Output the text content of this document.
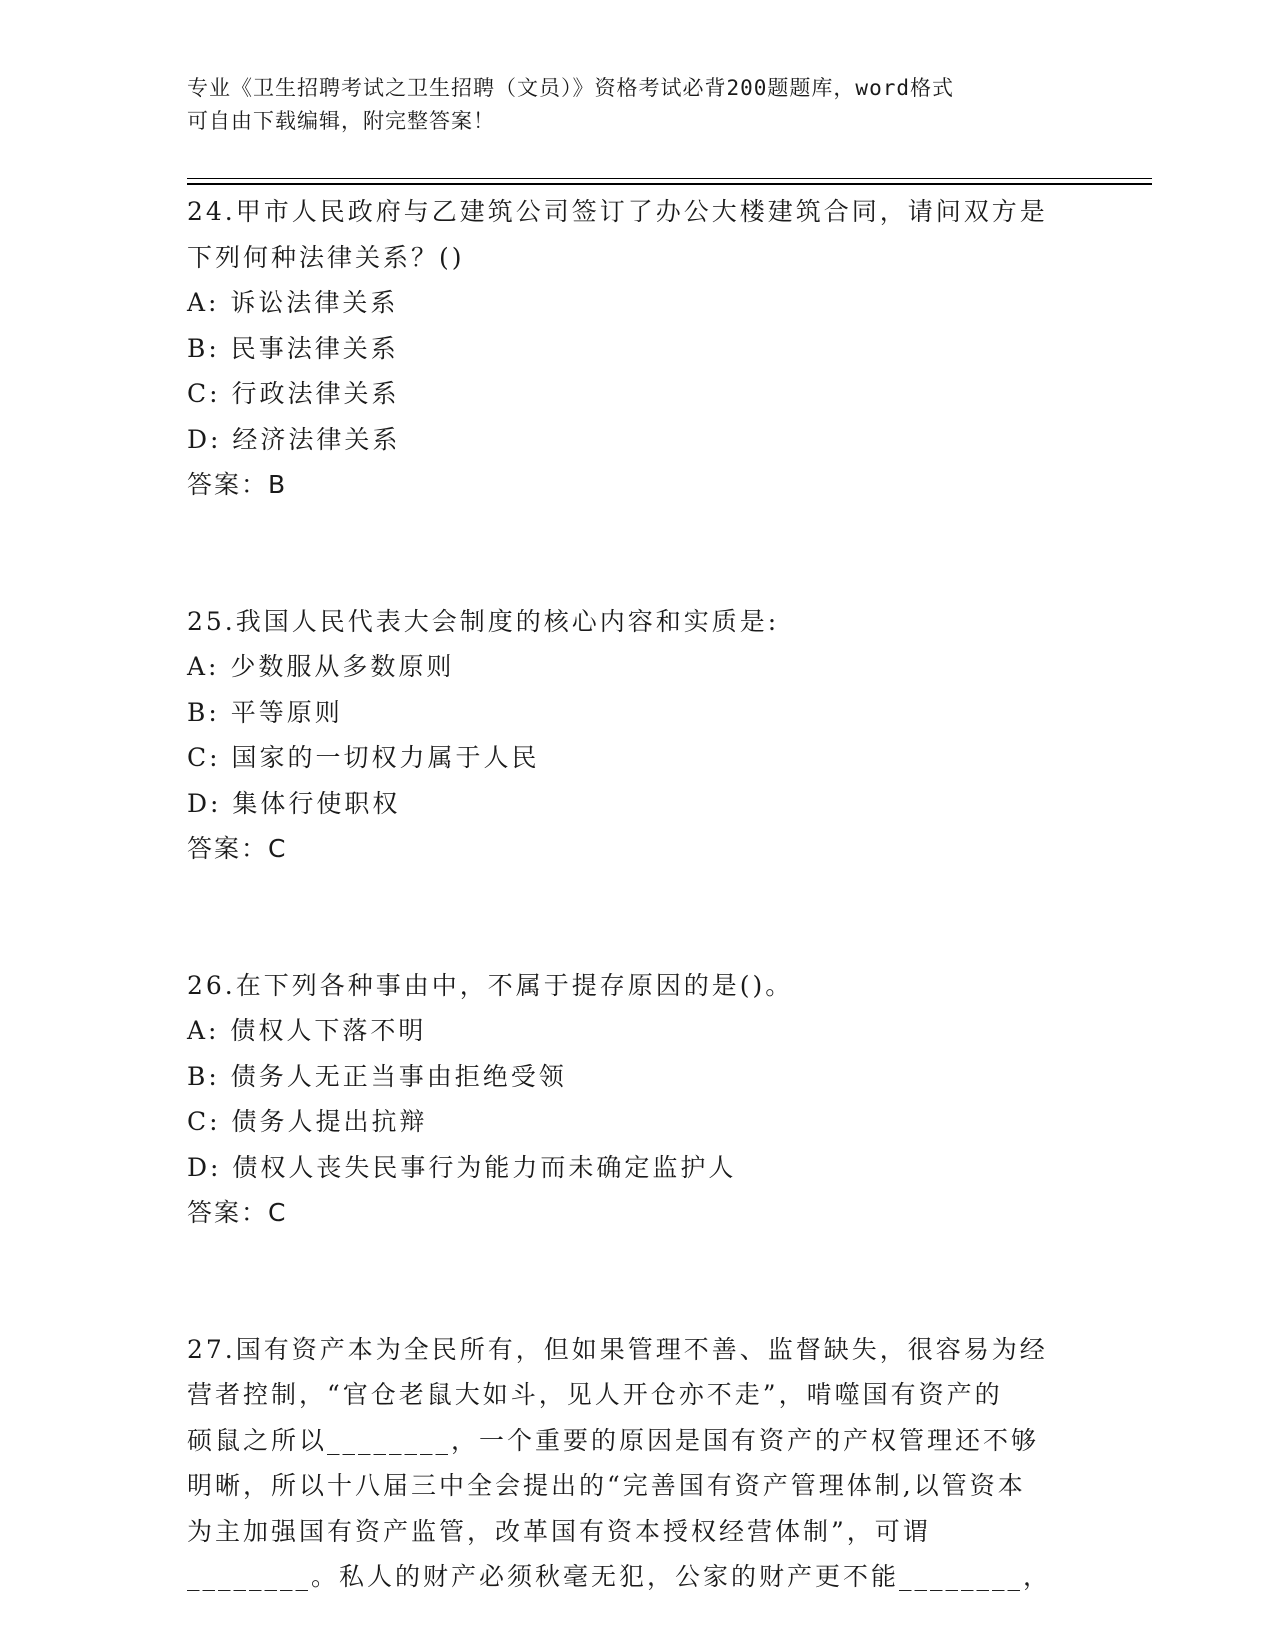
专业《卫生招聘考试之卫生招聘（文员）》资格考试必背200题题库，word格式
可自由下载编辑，附完整答案！
24.甲市人民政府与乙建筑公司签订了办公大楼建筑合同，请问双方是
下列何种法律关系？()
A: 诉讼法律关系
B: 民事法律关系
C: 行政法律关系
D: 经济法律关系
答案：B
25.我国人民代表大会制度的核心内容和实质是:
A: 少数服从多数原则
B: 平等原则
C: 国家的一切权力属于人民
D: 集体行使职权
答案：C
26.在下列各种事由中，不属于提存原因的是()。
A: 债权人下落不明
B: 债务人无正当事由拒绝受领
C: 债务人提出抗辩
D: 债权人丧失民事行为能力而未确定监护人
答案：C
27.国有资产本为全民所有，但如果管理不善、监督缺失，很容易为经
营者控制，“官仓老鼠大如斗，见人开仓亦不走”，啃噬国有资产的
硕鼠之所以________，一个重要的原因是国有资产的产权管理还不够
明晰，所以十八届三中全会提出的“完善国有资产管理体制,以管资本
为主加强国有资产监管，改革国有资本授权经营体制”，可谓
________。私人的财产必须秋毫无犯，公家的财产更不能________，
